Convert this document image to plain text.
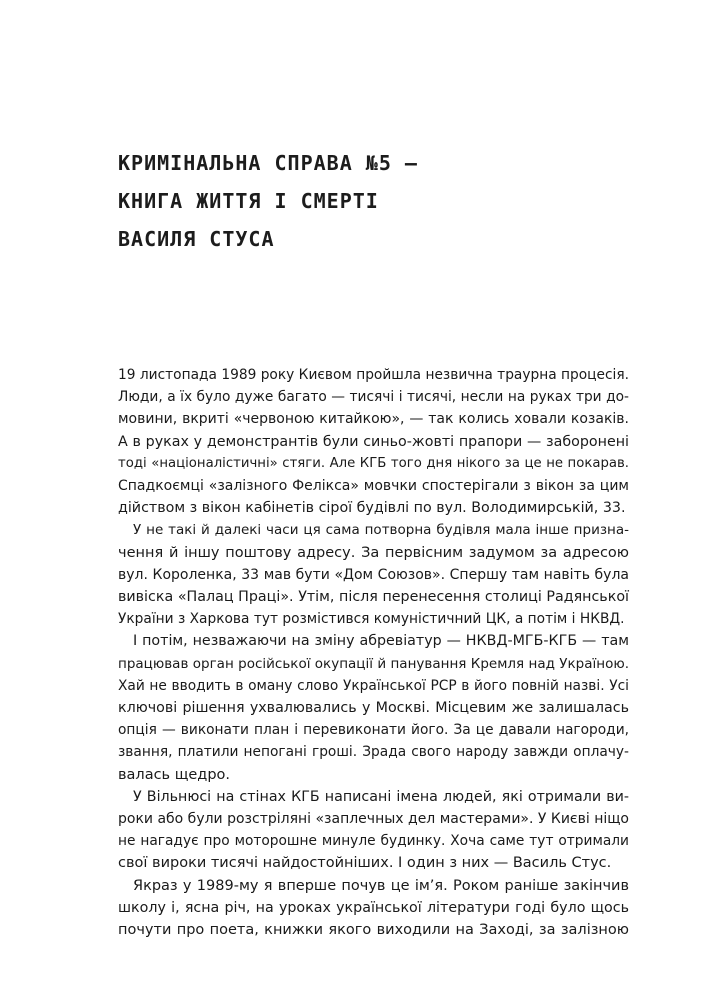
КРИМІНАЛЬНА СПРАВА №5 –
КНИГА ЖИТТЯ І СМЕРТІ
ВАСИЛЯ СТУСА
19 листопада 1989 року Києвом пройшла незвична траурна процесія.
Люди, а їх було дуже багато — тисячі і тисячі, несли на руках три до-
мовини, вкриті «червоною китайкою», — так колись ховали козаків.
А в руках у демонстрантів були синьо-жовті прапори — заборонені
тоді «націоналістичні» стяги. Але КГБ того дня нікого за це не покарав.
Спадкоємці «залізного Фелікса» мовчки спостерігали з вікон за цим
дійством з вікон кабінетів сірої будівлі по вул. Володимирській, 33.
У не такі й далекі часи ця сама потворна будівля мала інше призна-
чення й іншу поштову адресу. За первісним задумом за адресою
вул. Короленка, 33 мав бути «Дом Союзов». Спершу там навіть була
вивіска «Палац Праці». Утім, після перенесення столиці Радянської
України з Харкова тут розмістився комуністичний ЦК, а потім і НКВД.
І потім, незважаючи на зміну абревіатур — НКВД-МГБ-КГБ — там
працював орган російської окупації й панування Кремля над Україною.
Хай не вводить в оману слово Української РСР в його повній назві. Усі
ключові рішення ухвалювались у Москві. Місцевим же залишалась
опція — виконати план і перевиконати його. За це давали нагороди,
звання, платили непогані гроші. Зрада свого народу завжди оплачу-
валась щедро.
У Вільнюсі на стінах КГБ написані імена людей, які отримали ви-
роки або були розстріляні «заплечных дел мастерами». У Києві ніщо
не нагадує про моторошне минуле будинку. Хоча саме тут отримали
свої вироки тисячі найдостойніших. І один з них — Василь Стус.
Якраз у 1989-му я вперше почув це ім’я. Роком раніше закінчив
школу і, ясна річ, на уроках української літератури годі було щось
почути про поета, книжки якого виходили на Заході, за залізною
